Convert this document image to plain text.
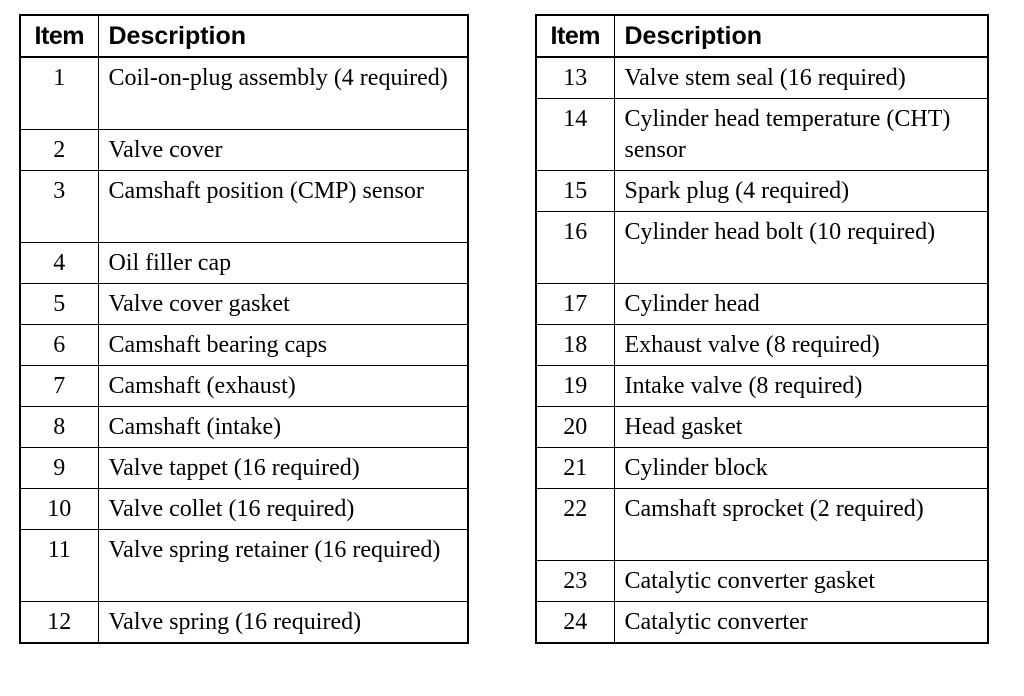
Item	Description
1	Coil-on-plug assembly (4 required)
2	Valve cover
3	Camshaft position (CMP) sensor
4	Oil filler cap
5	Valve cover gasket
6	Camshaft bearing caps
7	Camshaft (exhaust)
8	Camshaft (intake)
9	Valve tappet (16 required)
10	Valve collet (16 required)
11	Valve spring retainer (16 required)
12	Valve spring (16 required)
Item	Description
13	Valve stem seal (16 required)
14	Cylinder head temperature (CHT) sensor
15	Spark plug (4 required)
16	Cylinder head bolt (10 required)
17	Cylinder head
18	Exhaust valve (8 required)
19	Intake valve (8 required)
20	Head gasket
21	Cylinder block
22	Camshaft sprocket (2 required)
23	Catalytic converter gasket
24	Catalytic converter
